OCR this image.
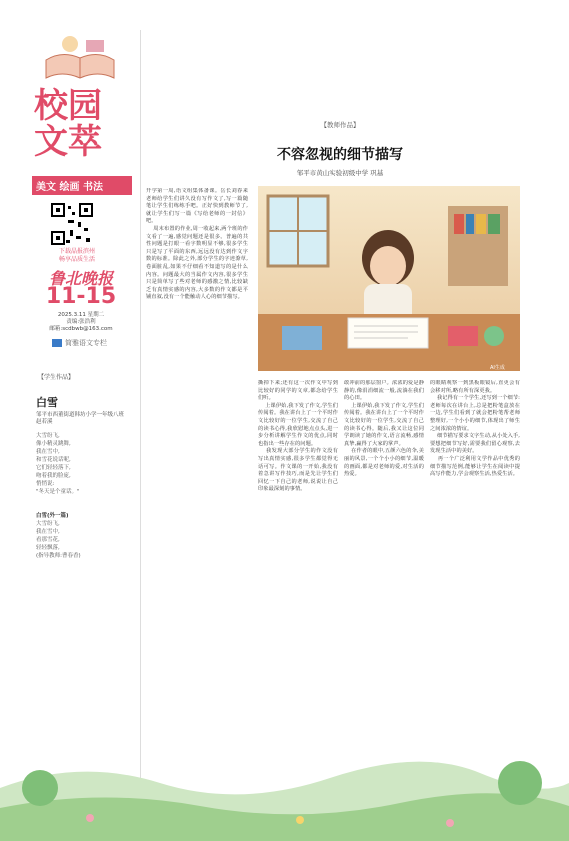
校园
文萃
美文 绘画 书法
下载晶报滨州
畅享品质生活
鲁北晚报
11-15
2025.3.11 星期二
责编:张浩利
邮箱:scdbwb@163.com
简雅语文专栏
【学生作品】
白雪
邹平市西董街道韩坊小学一年级八班 赵若溪
大雪纷飞,
像小精灵跳舞,
我在雪中,
和雪花说话呢,
它们轻轻落下,
吻着我的脸庞,
悄悄说:
"冬天是个童话。"
白雪(外一篇)
大雪纷飞,
我在雪中,
看那雪花,
轻轻飘落,
(指导教师:曹春香)
【教师作品】
不容忽视的细节描写
邹平市黄山实验初级中学 巩基
AI生成
开学第一周,语文组集体备课。岳长刘春来老师给学生们讲久没有写作文了,写一篇随笔让学生们练练手吧。正好快到教师节了,就让学生们写一篇《写给老师的一封信》吧。
周末布置的作业,周一收起来,两个班的作文看了一遍,感觉问题还是很多。普遍的共性问题是打眼一看字数明显不够,很多学生只是写了平面的东西,远远没有达到作文字数的标准。除此之外,部分学生的字迹潦草,卷面脏乱,如果不仔细看不知道写的是什么内容。问题最大的当属作文内容,很多学生只是简单写了些对老师的感激之情,比较缺乏有真情实感的内容,大多数的作文都是平铺直叙,没有一个能触动人心的细节描写。
撕掉下来;还有这一次作文中写到比较好的同学的文章,都念给学生们听。
上课伊始,我下发了作文,学生们传阅着。我在讲台上了一个平时作文比较好的一位学生,交流了自己的读书心得,我欣慰地点点头,进一步分析讲解学生作文的优点,同时也指出一些存在的问题。
我发现大部分学生的作文没有写出真情实感,很多学生都觉得无话可写。作文课的一开始,我没有着急讲写作技巧,而是先让学生们回忆一下自己的老师,说说让自己印象最深刻的事情。
敢冲前的那层窗户。浓浓的爱是静静的,像涓涓细流一般,流淌在我们的心田。
上课伊始,我下发了作文,学生们传阅着。我在讲台上了一个平时作文比较好的一位学生,交流了自己的读书心得。随后,我又让这位同学朗读了她的作文,语言流畅,感情真挚,赢得了大家的掌声。
在作者的眼中,五颜六色的伞,美丽的风景,一个个小小的细节,温暖的画面,都是对老师的爱,对生活的热爱。
的眼睛观察一到黑板眼镜后,直更会有会移对所,略有所有深更我。
我记得有一个学生,还写到一个细节:老师每次在讲台上,总是把粉笔盒放在一边,学生们看到了就会把粉笔帮老师整理好,一个小小的细节,体现出了师生之间浓浓的情谊。
细节描写要求文字生动,从小处入手,要想把细节写好,需要我们留心观察,去发现生活中的美好。
再一个广泛利用文学作品中优秀的细节描写范例,能够让学生在阅读中提高写作能力,学会观察生活,热爱生活。
